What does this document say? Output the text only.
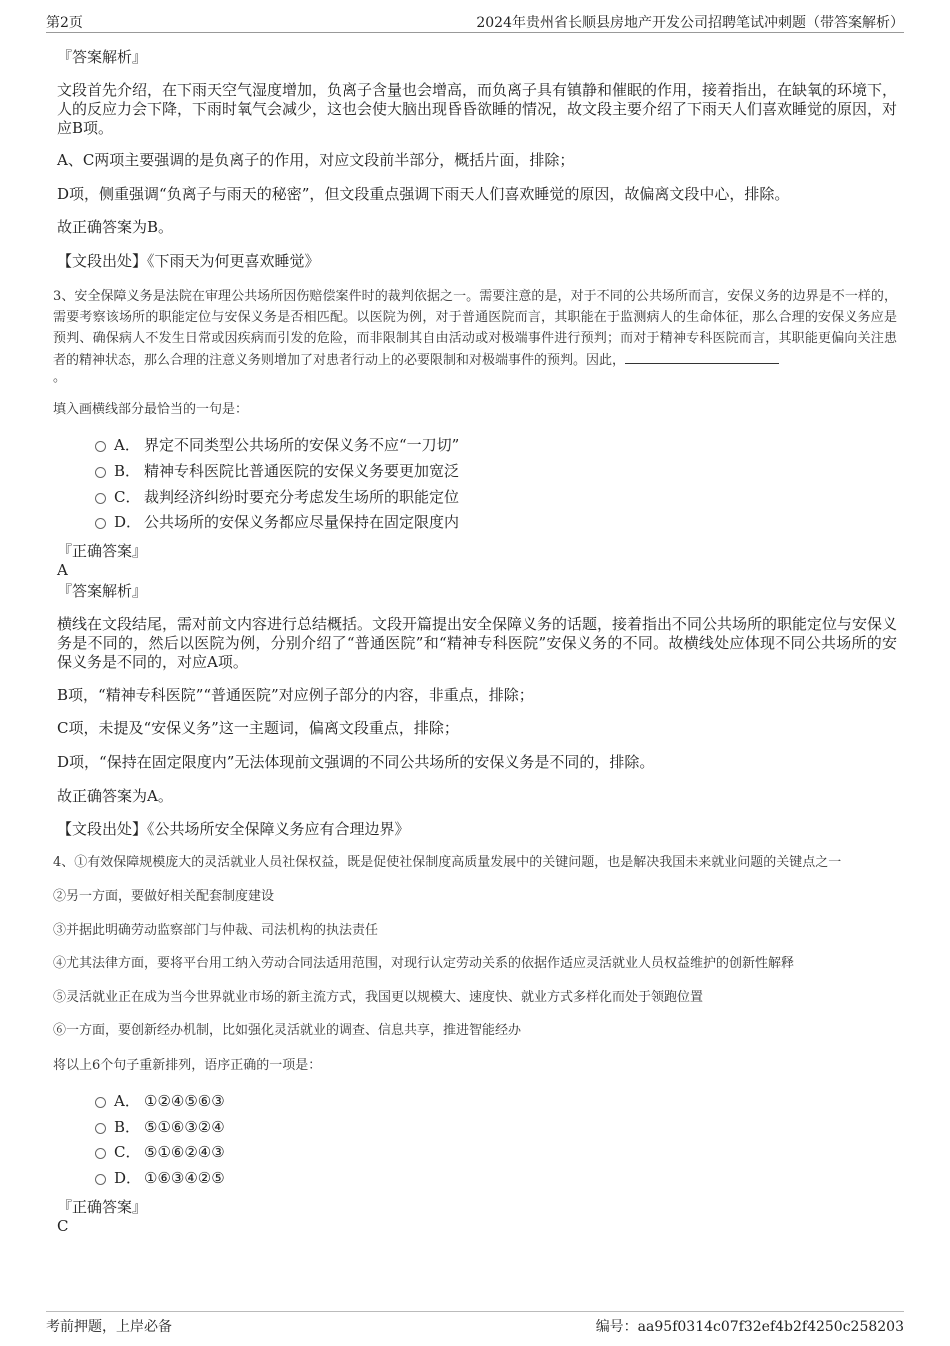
第2页	2024年贵州省长顺县房地产开发公司招聘笔试冲刺题（带答案解析）

『答案解析』

文段首先介绍，在下雨天空气湿度增加，负离子含量也会增高，而负离子具有镇静和催眠的作用，接着指出，在缺氧的环境下，人的反应力会下降，下雨时氧气会减少，这也会使大脑出现昏昏欲睡的情况，故文段主要介绍了下雨天人们喜欢睡觉的原因，对应B项。

A、C两项主要强调的是负离子的作用，对应文段前半部分，概括片面，排除；

D项，侧重强调“负离子与雨天的秘密”，但文段重点强调下雨天人们喜欢睡觉的原因，故偏离文段中心，排除。

故正确答案为B。

【文段出处】《下雨天为何更喜欢睡觉》

3、安全保障义务是法院在审理公共场所因伤赔偿案件时的裁判依据之一。需要注意的是，对于不同的公共场所而言，安保义务的边界是不一样的，需要考察该场所的职能定位与安保义务是否相匹配。以医院为例，对于普通医院而言，其职能在于监测病人的生命体征，那么合理的安保义务应是预判、确保病人不发生日常或因疾病而引发的危险，而非限制其自由活动或对极端事件进行预判；而对于精神专科医院而言，其职能更偏向关注患者的精神状态，那么合理的注意义务则增加了对患者行动上的必要限制和对极端事件的预判。因此，

。

填入画横线部分最恰当的一句是：

A． 界定不同类型公共场所的安保义务不应“一刀切”
B． 精神专科医院比普通医院的安保义务要更加宽泛
C． 裁判经济纠纷时要充分考虑发生场所的职能定位
D． 公共场所的安保义务都应尽量保持在固定限度内

『正确答案』

A

『答案解析』

横线在文段结尾，需对前文内容进行总结概括。文段开篇提出安全保障义务的话题，接着指出不同公共场所的职能定位与安保义务是不同的，然后以医院为例，分别介绍了“普通医院”和“精神专科医院”安保义务的不同。故横线处应体现不同公共场所的安保义务是不同的，对应A项。

B项，“精神专科医院”“普通医院”对应例子部分的内容，非重点，排除；

C项，未提及“安保义务”这一主题词，偏离文段重点，排除；

D项，“保持在固定限度内”无法体现前文强调的不同公共场所的安保义务是不同的，排除。

故正确答案为A。

【文段出处】《公共场所安全保障义务应有合理边界》

4、①有效保障规模庞大的灵活就业人员社保权益，既是促使社保制度高质量发展中的关键问题，也是解决我国未来就业问题的关键点之一

②另一方面，要做好相关配套制度建设

③并据此明确劳动监察部门与仲裁、司法机构的执法责任

④尤其法律方面，要将平台用工纳入劳动合同法适用范围，对现行认定劳动关系的依据作适应灵活就业人员权益维护的创新性解释

⑤灵活就业正在成为当今世界就业市场的新主流方式，我国更以规模大、速度快、就业方式多样化而处于领跑位置

⑥一方面，要创新经办机制，比如强化灵活就业的调查、信息共享，推进智能经办

将以上6个句子重新排列，语序正确的一项是：

A． ①②④⑤⑥③
B． ⑤①⑥③②④
C． ⑤①⑥②④③
D． ①⑥③④②⑤

『正确答案』

C

考前押题，上岸必备	编号：aa95f0314c07f32ef4b2f4250c258203
